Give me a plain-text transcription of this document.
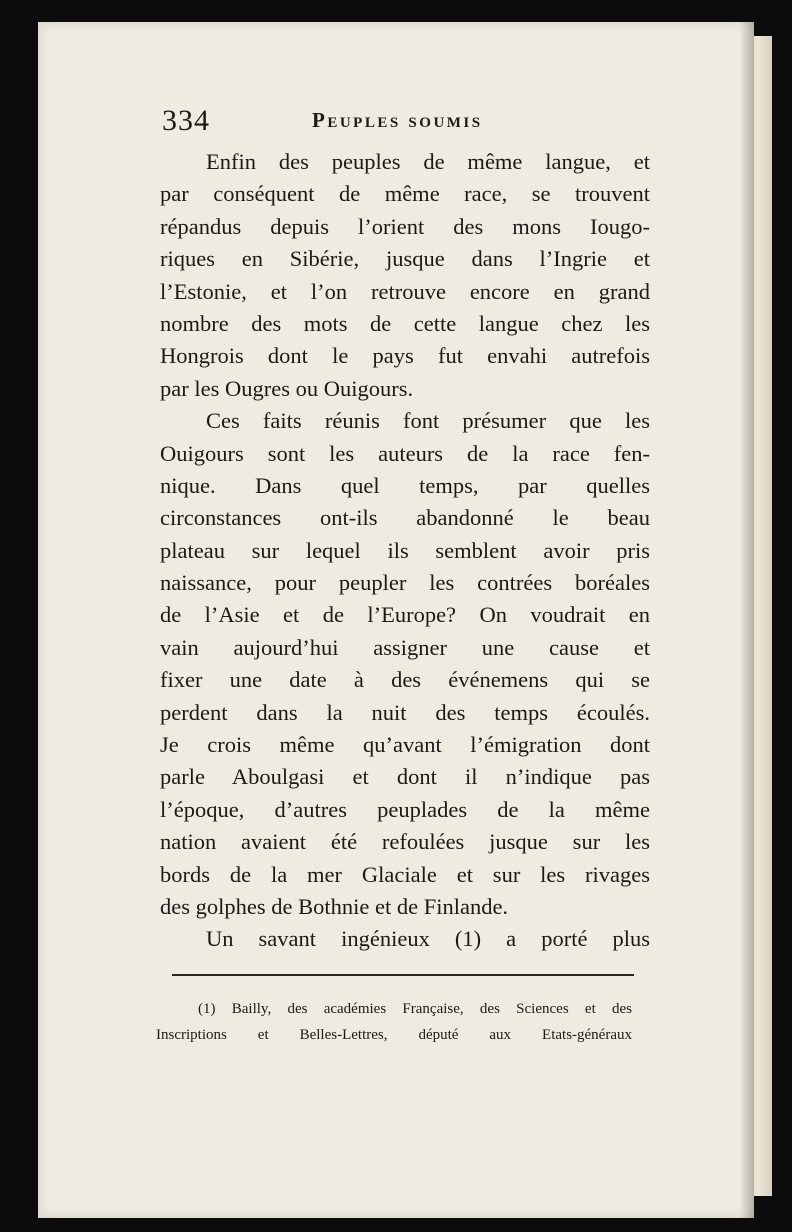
334	Peuples soumis
Enfin des peuples de même langue, et
par conséquent de même race, se trouvent
répandus depuis l’orient des mons Iougo-
riques en Sibérie, jusque dans l’Ingrie et
l’Estonie, et l’on retrouve encore en grand
nombre des mots de cette langue chez les
Hongrois dont le pays fut envahi autrefois
par les Ougres ou Ouigours.
Ces faits réunis font présumer que les
Ouigours sont les auteurs de la race fen-
nique. Dans quel temps, par quelles
circonstances ont-ils abandonné le beau
plateau sur lequel ils semblent avoir pris
naissance, pour peupler les contrées boréales
de l’Asie et de l’Europe? On voudrait en
vain aujourd’hui assigner une cause et
fixer une date à des événemens qui se
perdent dans la nuit des temps écoulés.
Je crois même qu’avant l’émigration dont
parle Aboulgasi et dont il n’indique pas
l’époque, d’autres peuplades de la même
nation avaient été refoulées jusque sur les
bords de la mer Glaciale et sur les rivages
des golphes de Bothnie et de Finlande.
Un savant ingénieux (1) a porté plus
(1) Bailly, des académies Française, des Sciences et des
Inscriptions et Belles-Lettres, député aux Etats-généraux
